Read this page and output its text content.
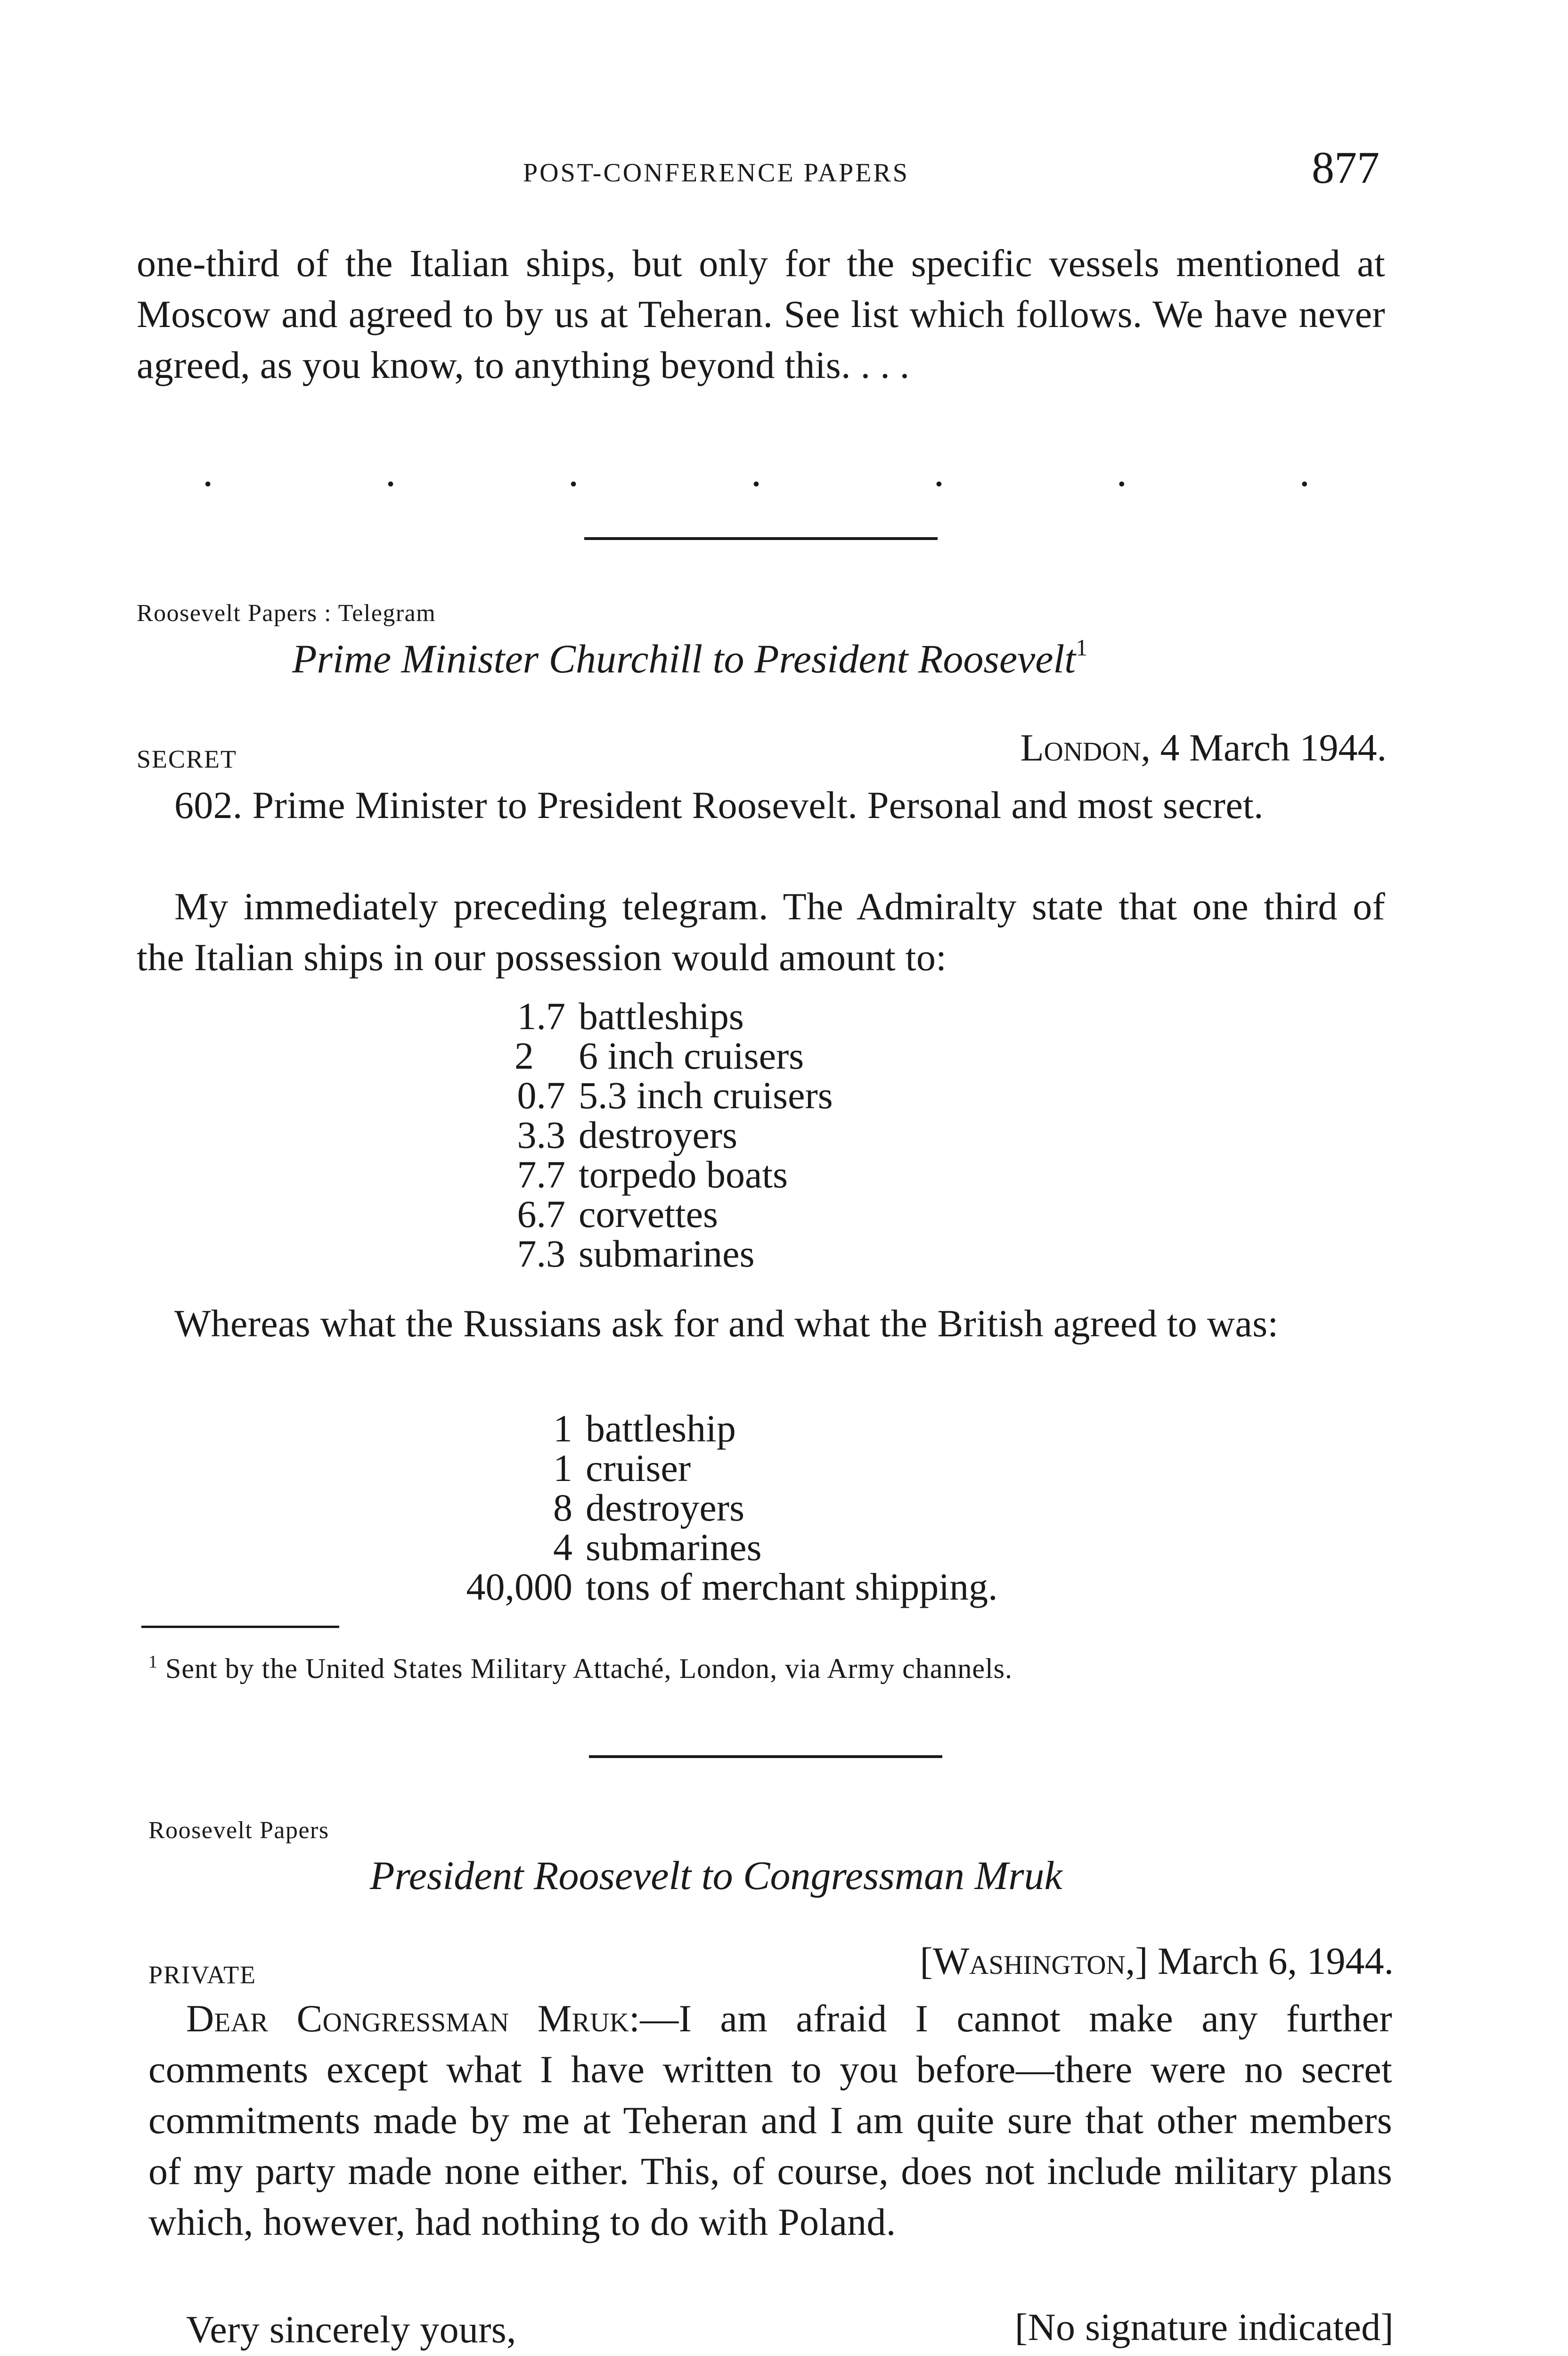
POST-CONFERENCE PAPERS	877
one-third of the Italian ships, but only for the specific vessels mentioned at Moscow and agreed to by us at Teheran. See list which follows. We have never agreed, as you know, to anything beyond this. . . .
.	.	.	.	.	.	.
Roosevelt Papers : Telegram
Prime Minister Churchill to President Roosevelt$^1$
SECRET	London, 4 March 1944.
602. Prime Minister to President Roosevelt. Personal and most secret.
My immediately preceding telegram. The Admiralty state that one third of the Italian ships in our possession would amount to:
1.7 battleships
2	6 inch cruisers
0.7 5.3 inch cruisers
3.3 destroyers
7.7 torpedo boats
6.7 corvettes
7.3 submarines
Whereas what the Russians ask for and what the British agreed to was:
1 battleship
1 cruiser
8 destroyers
4 submarines
40,000 tons of merchant shipping.
$^1$ Sent by the United States Military Attaché, London, via Army channels.
Roosevelt Papers
President Roosevelt to Congressman Mruk
PRIVATE	[Washington,] March 6, 1944.
Dear Congressman Mruk:—I am afraid I cannot make any further comments except what I have written to you before—there were no secret commitments made by me at Teheran and I am quite sure that other members of my party made none either. This, of course, does not include military plans which, however, had nothing to do with Poland.
Very sincerely yours,	[No signature indicated]
